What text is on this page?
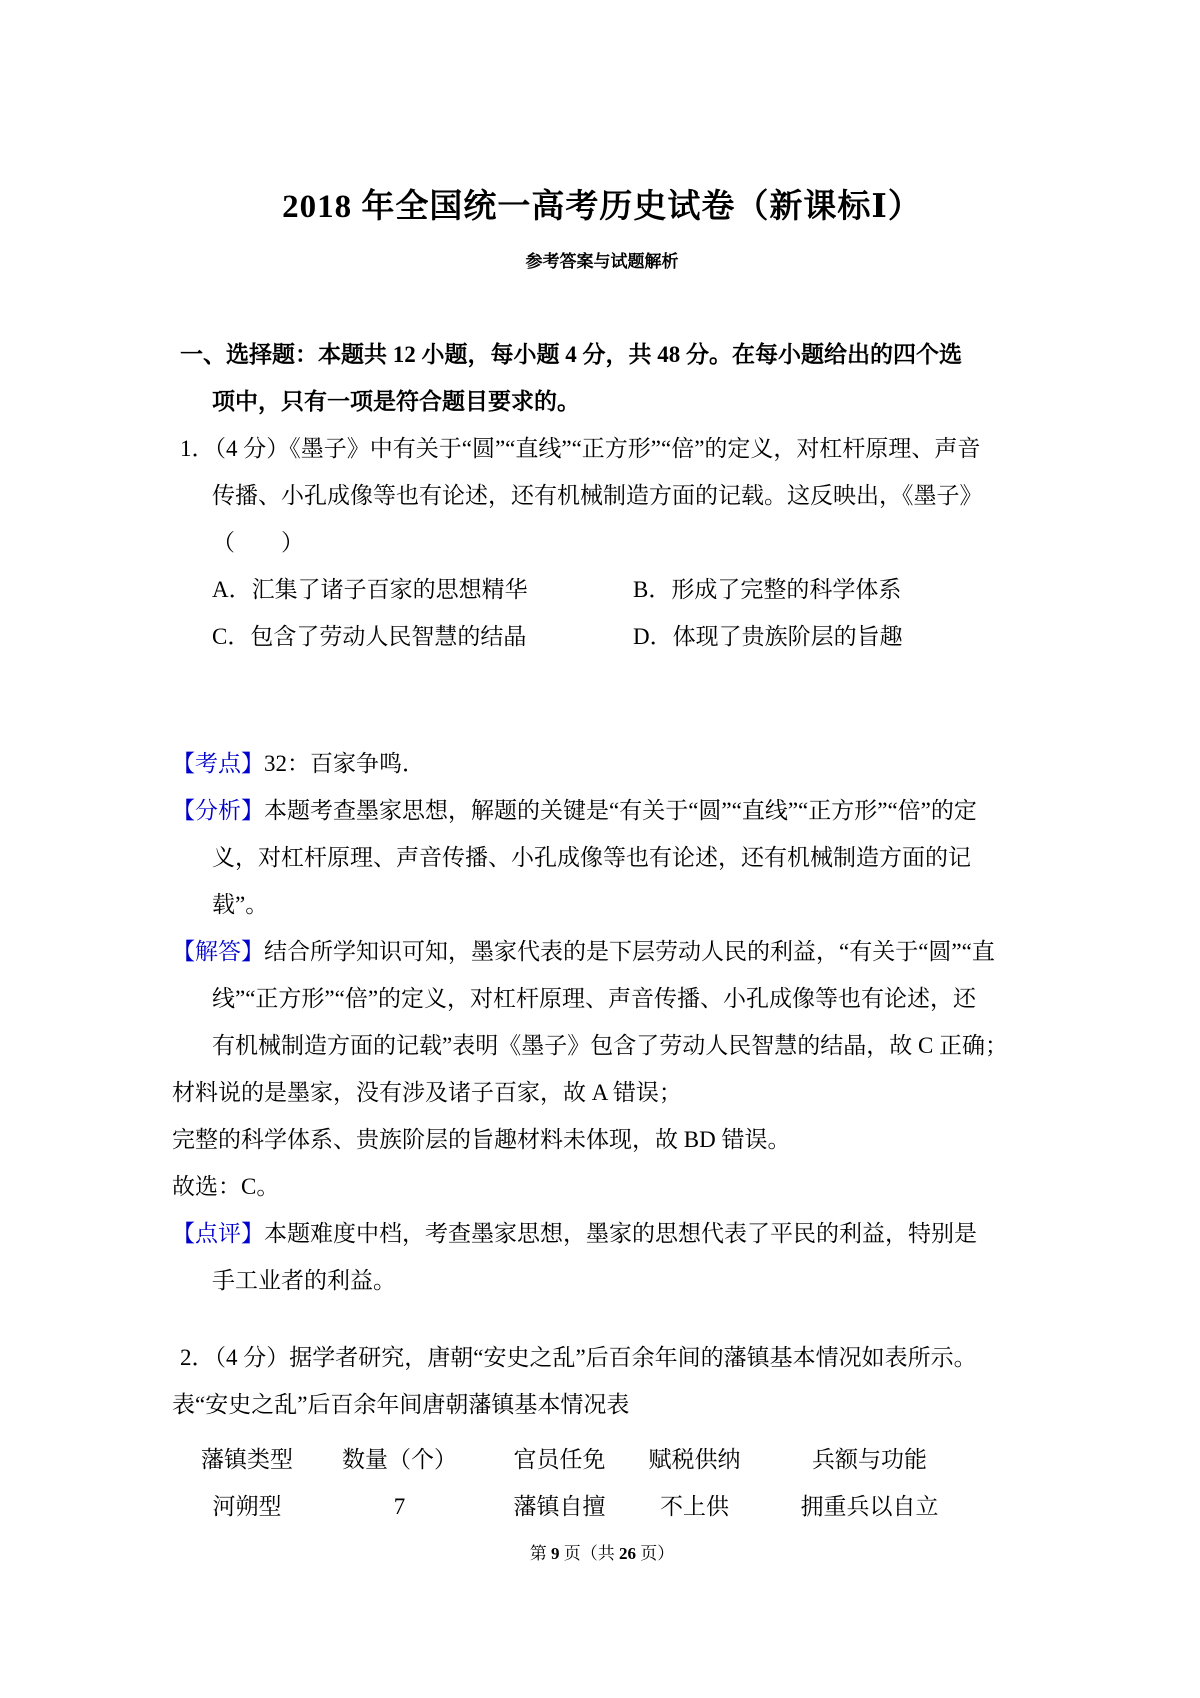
2018 年全国统一高考历史试卷（新课标Ⅰ）
参考答案与试题解析
一、选择题：本题共 12 小题，每小题 4 分，共 48 分。在每小题给出的四个选
项中，只有一项是符合题目要求的。
1．（4 分）《墨子》中有关于“圆”“直线”“正方形”“倍”的定义，对杠杆原理、声音
传播、小孔成像等也有论述，还有机械制造方面的记载。这反映出，《墨子》
（　　）
A．汇集了诸子百家的思想精华	B．形成了完整的科学体系
C．包含了劳动人民智慧的结晶	D．体现了贵族阶层的旨趣
【考点】32：百家争鸣．
【分析】本题考查墨家思想，解题的关键是“有关于“圆”“直线”“正方形”“倍”的定
义，对杠杆原理、声音传播、小孔成像等也有论述，还有机械制造方面的记
载”。
【解答】结合所学知识可知，墨家代表的是下层劳动人民的利益，“有关于“圆”“直
线”“正方形”“倍”的定义，对杠杆原理、声音传播、小孔成像等也有论述，还
有机械制造方面的记载”表明《墨子》包含了劳动人民智慧的结晶，故 C 正确；
材料说的是墨家，没有涉及诸子百家，故 A 错误；
完整的科学体系、贵族阶层的旨趣材料未体现，故 BD 错误。
故选：C。
【点评】本题难度中档，考查墨家思想，墨家的思想代表了平民的利益，特别是
手工业者的利益。
2．（4 分）据学者研究，唐朝“安史之乱”后百余年间的藩镇基本情况如表所示。
表“安史之乱”后百余年间唐朝藩镇基本情况表
藩镇类型	数量（个）	官员任免	赋税供纳	兵额与功能
河朔型	7	藩镇自擅	不上供	拥重兵以自立
第 9 页（共 26 页）
